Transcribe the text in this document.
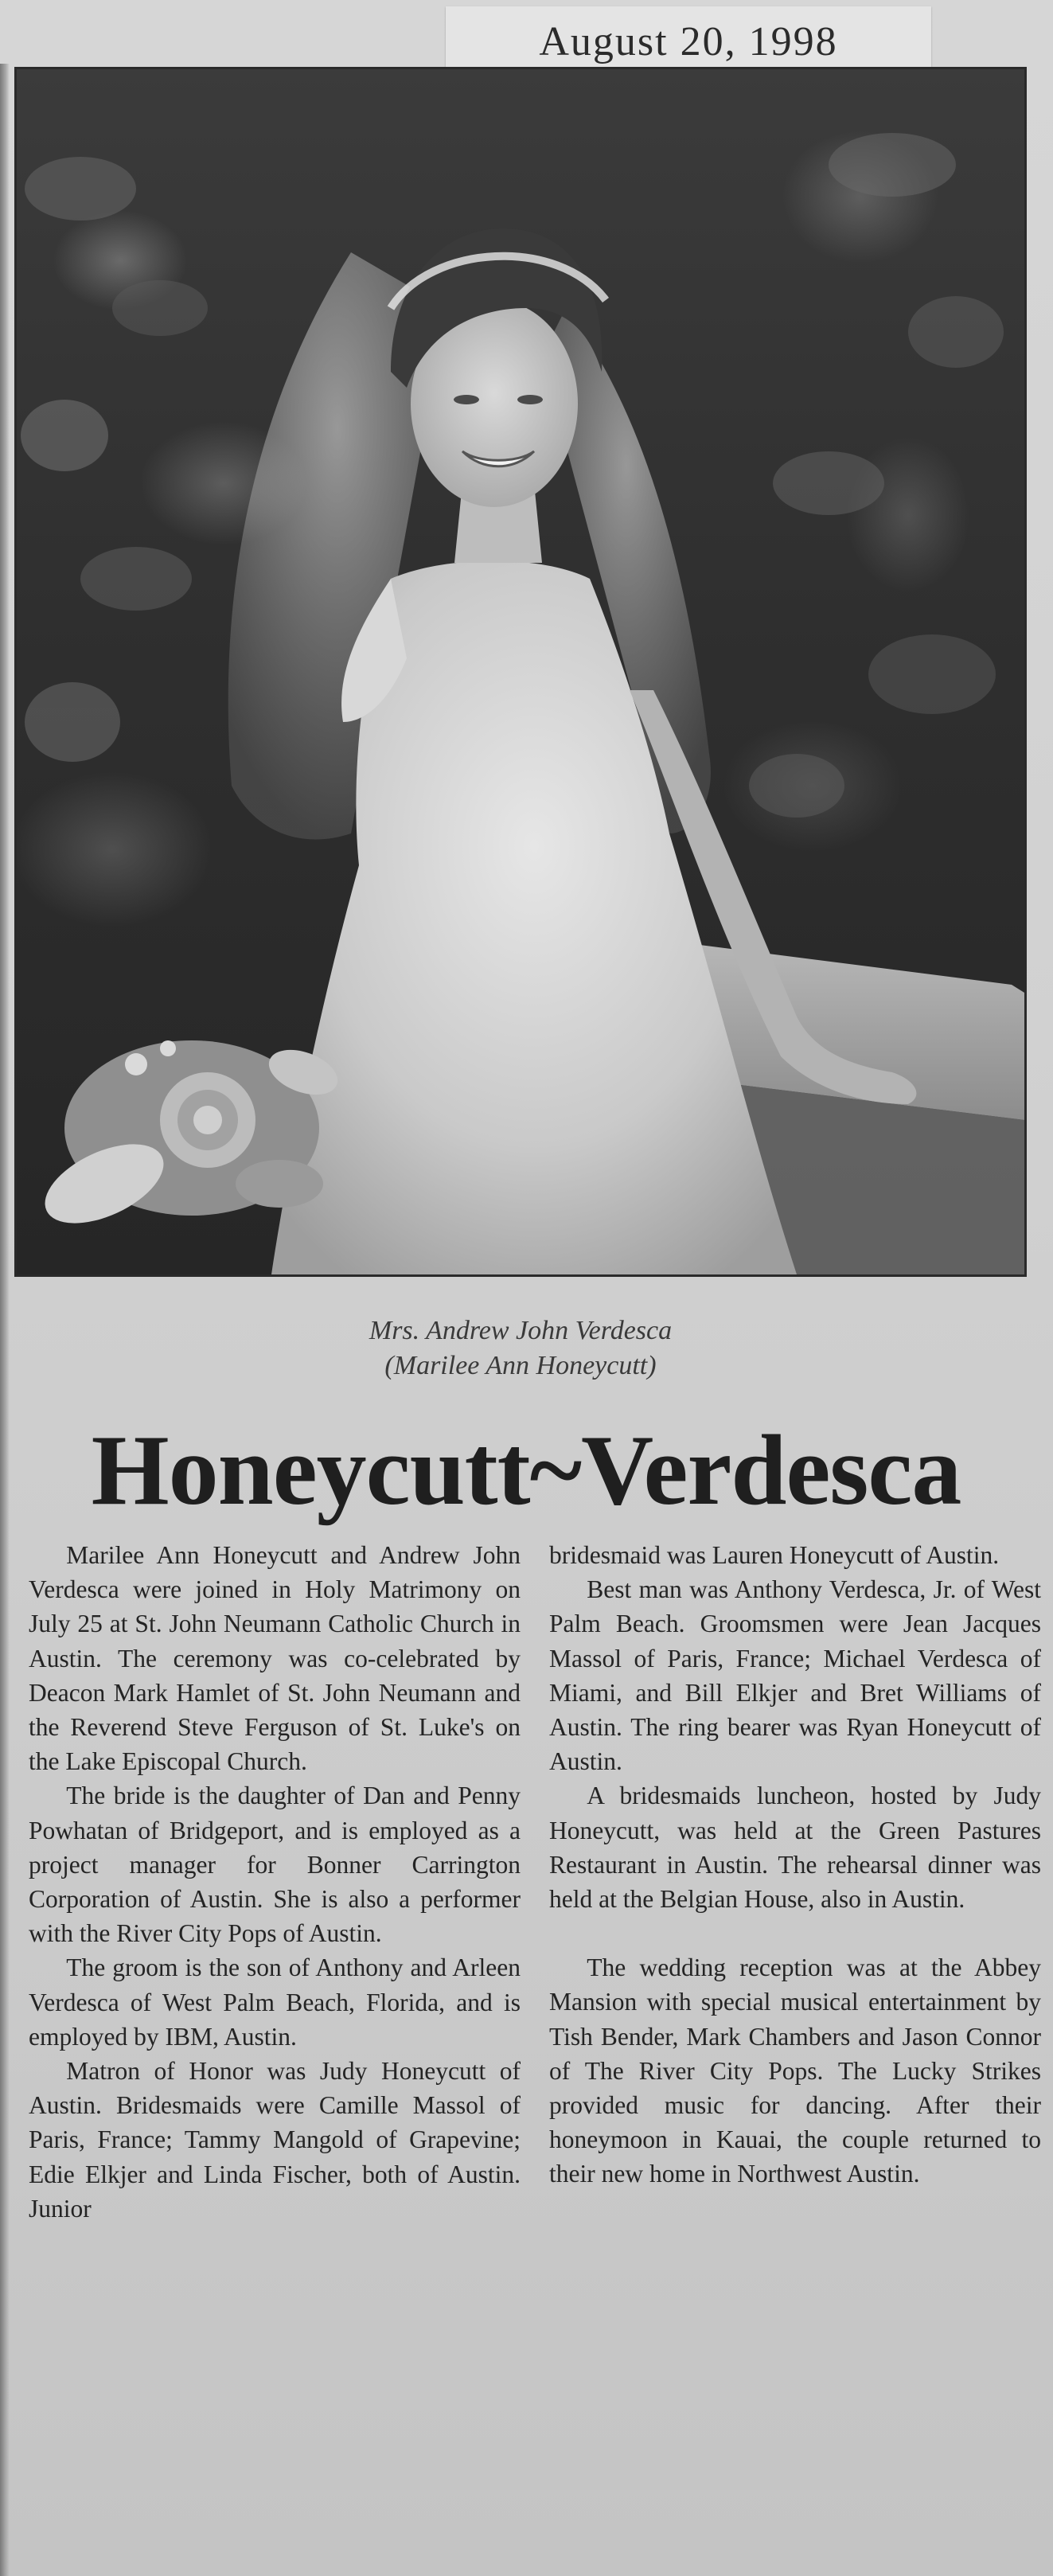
August 20, 1998
Mrs. Andrew John Verdesca
(Marilee Ann Honeycutt)
Honeycutt~Verdesca

Marilee Ann Honeycutt and Andrew John Verdesca were joined in Holy Matrimony on July 25 at St. John Neumann Catholic Church in Austin. The ceremony was co-celebrated by Deacon Mark Hamlet of St. John Neumann and the Reverend Steve Ferguson of St. Luke's on the Lake Episcopal Church.

The bride is the daughter of Dan and Penny Powhatan of Bridgeport, and is employed as a project manager for Bonner Carrington Corporation of Austin. She is also a performer with the River City Pops of Austin.

The groom is the son of Anthony and Arleen Verdesca of West Palm Beach, Florida, and is employed by IBM, Austin.

Matron of Honor was Judy Honeycutt of Austin. Bridesmaids were Camille Massol of Paris, France; Tammy Mangold of Grapevine; Edie Elkjer and Linda Fischer, both of Austin. Junior

bridesmaid was Lauren Honeycutt of Austin.

Best man was Anthony Verdesca, Jr. of West Palm Beach. Groomsmen were Jean Jacques Massol of Paris, France; Michael Verdesca of Miami, and Bill Elkjer and Bret Williams of Austin. The ring bearer was Ryan Honeycutt of Austin.

A bridesmaids luncheon, hosted by Judy Honeycutt, was held at the Green Pastures Restaurant in Austin. The rehearsal dinner was held at the Belgian House, also in Austin.

The wedding reception was at the Abbey Mansion with special musical entertainment by Tish Bender, Mark Chambers and Jason Connor of The River City Pops. The Lucky Strikes provided music for dancing. After their honeymoon in Kauai, the couple returned to their new home in Northwest Austin.
